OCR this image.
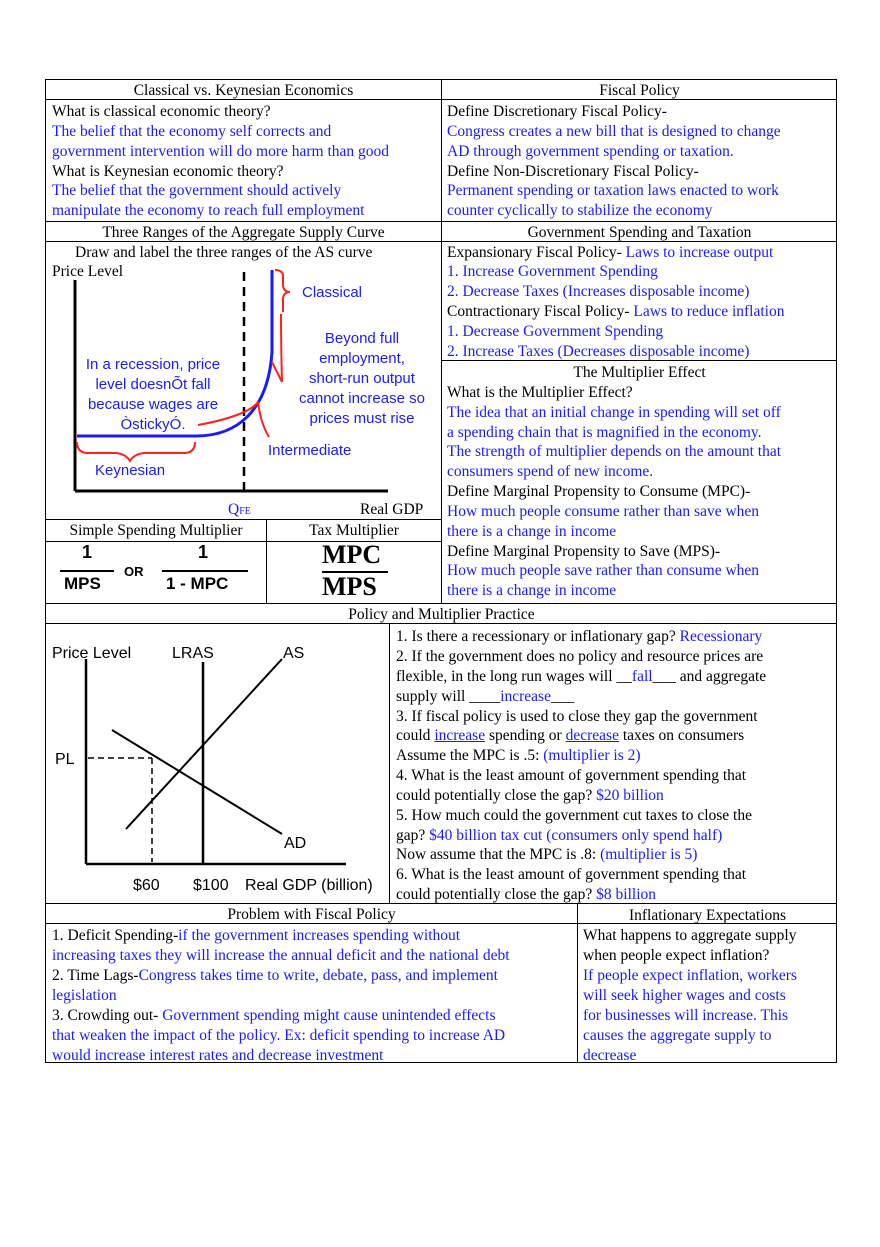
Classical vs. Keynesian Economics	Fiscal Policy
What is classical economic theory?
The belief that the economy self corrects and
government intervention will do more harm than good
What is Keynesian economic theory?
The belief that the government should actively
manipulate the economy to reach full employment
Define Discretionary Fiscal Policy-
Congress creates a new bill that is designed to change
AD through government spending or taxation.
Define Non-Discretionary Fiscal Policy-
Permanent spending or taxation laws enacted to work
counter cyclically to stabilize the economy
Three Ranges of the Aggregate Supply Curve	Government Spending and Taxation
Draw and label the three ranges of the AS curve
Price Level
Real GDP
QFE
Classical
Intermediate
Keynesian
In a recession, price
level doesnÕt fall
because wages are
ÒstickyÓ.
Beyond full
employment,
short-run output
cannot increase so
prices must rise
Expansionary Fiscal Policy- Laws to increase output
1. Increase Government Spending
2. Decrease Taxes (Increases disposable income)
Contractionary Fiscal Policy- Laws to reduce inflation
1. Decrease Government Spending
2. Increase Taxes (Decreases disposable income)
Simple Spending Multiplier	Tax Multiplier
1
MPS
OR
1
1 - MPC
MPC
MPS
The Multiplier Effect
What is the Multiplier Effect?
The idea that an initial change in spending will set off
a spending chain that is magnified in the economy.
The strength of multiplier depends on the amount that
consumers spend of new income.
Define Marginal Propensity to Consume (MPC)-
How much people consume rather than save when
there is a change in income
Define Marginal Propensity to Save (MPS)-
How much people save rather than consume when
there is a change in income
Policy and Multiplier Practice
Price Level	LRAS	AS
PL
AD
$60 $100 Real GDP (billion)
1. Is there a recessionary or inflationary gap? Recessionary
2. If the government does no policy and resource prices are
flexible, in the long run wages will __fall___ and aggregate
supply will ____increase___
3. If fiscal policy is used to close they gap the government
could increase spending or decrease taxes on consumers
Assume the MPC is .5: (multiplier is 2)
4. What is the least amount of government spending that
could potentially close the gap? $20 billion
5. How much could the government cut taxes to close the
gap? $40 billion tax cut (consumers only spend half)
Now assume that the MPC is .8: (multiplier is 5)
6. What is the least amount of government spending that
could potentially close the gap? $8 billion
Problem with Fiscal Policy	Inflationary Expectations
1. Deficit Spending-if the government increases spending without
increasing taxes they will increase the annual deficit and the national debt
2. Time Lags-Congress takes time to write, debate, pass, and implement
legislation
3. Crowding out- Government spending might cause unintended effects
that weaken the impact of the policy. Ex: deficit spending to increase AD
would increase interest rates and decrease investment
What happens to aggregate supply
when people expect inflation?
If people expect inflation, workers
will seek higher wages and costs
for businesses will increase. This
causes the aggregate supply to
decrease
